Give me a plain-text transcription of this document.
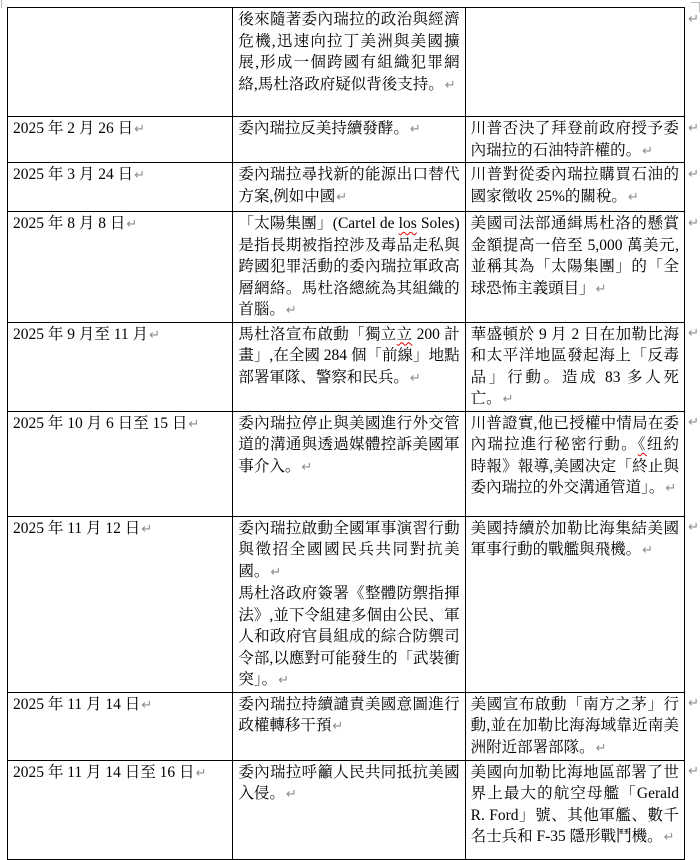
	後來隨著委內瑞拉的政治與經濟危機,迅速向拉丁美洲與美國擴展,形成一個跨國有組織犯罪網絡,馬杜洛政府疑似背後支持。↵		↵

2025 年 2 月 26 日↵	委內瑞拉反美持續發酵。↵	川普否決了拜登前政府授予委內瑞拉的石油特許權的。↵	↵

2025 年 3 月 24 日↵	委內瑞拉尋找新的能源出口替代方案,例如中國↵	川普對從委內瑞拉購買石油的國家徵收 25%的關稅。↵	↵

2025 年 8 月 8 日↵	「太陽集團」(Cartel de los Soles) 是指長期被指控涉及毒品走私與跨國犯罪活動的委內瑞拉軍政高層網絡。馬杜洛總統為其組織的首腦。↵	美國司法部通緝馬杜洛的懸賞金額提高一倍至 5,000 萬美元,並稱其為「太陽集團」的「全球恐怖主義頭目」↵	↵

2025 年 9 月至 11 月↵	馬杜洛宣布啟動「獨立立 200 計畫」,在全國 284 個「前線」地點部署軍隊、警察和民兵。↵	華盛頓於 9 月 2 日在加勒比海和太平洋地區發起海上「反毒品」行動。造成 83 多人死亡。↵	↵

2025 年 10 月 6 日至 15 日↵	委內瑞拉停止與美國進行外交管道的溝通與透過媒體控訴美國軍事介入。↵	川普證實,他已授權中情局在委內瑞拉進行秘密行動。《纽約時報》報導,美國决定「終止與委內瑞拉的外交溝通管道」。↵	↵

2025 年 11 月 12 日↵	委內瑞拉啟動全國軍事演習行動與徵招全國國民兵共同對抗美國。↵
馬杜洛政府簽署《整體防禦指揮法》,並下令組建多個由公民、軍人和政府官員組成的綜合防禦司令部,以應對可能發生的「武裝衝突」。↵	美國持續於加勒比海集結美國軍事行動的戰艦與飛機。↵	↵

2025 年 11 月 14 日↵	委內瑞拉持續譴責美國意圖進行政權轉移干預↵	美國宣布啟動「南方之茅」行動,並在加勒比海海域靠近南美洲附近部署部隊。↵	↵

2025 年 11 月 14 日至 16 日↵	委內瑞拉呼籲人民共同抵抗美國入侵。↵	美國向加勒比海地區部署了世界上最大的航空母艦「Gerald R. Ford」號、其他軍艦、數千名士兵和 F-35 隱形戰鬥機。↵	↵
